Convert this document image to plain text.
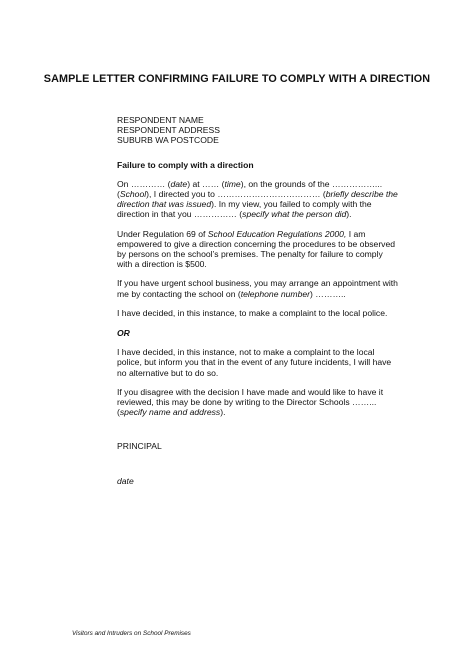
SAMPLE LETTER CONFIRMING FAILURE TO COMPLY WITH A DIRECTION
RESPONDENT NAME
RESPONDENT ADDRESS
SUBURB WA POSTCODE
Failure to comply with a direction
On ………… (date) at …… (time), on the grounds of the ……………... (School), I directed you to ……………………………… (briefly describe the direction that was issued). In my view, you failed to comply with the direction in that you …………… (specify what the person did).
Under Regulation 69 of School Education Regulations 2000, I am empowered to give a direction concerning the procedures to be observed by persons on the school’s premises. The penalty for failure to comply with a direction is $500.
If you have urgent school business, you may arrange an appointment with me by contacting the school on (telephone number) ………..
I have decided, in this instance, to make a complaint to the local police.
OR
I have decided, in this instance, not to make a complaint to the local police, but inform you that in the event of any future incidents, I will have no alternative but to do so.
If you disagree with the decision I have made and would like to have it reviewed, this may be done by writing to the Director Schools ……... (specify name and address).
PRINCIPAL
date
Visitors and Intruders on School Premises
